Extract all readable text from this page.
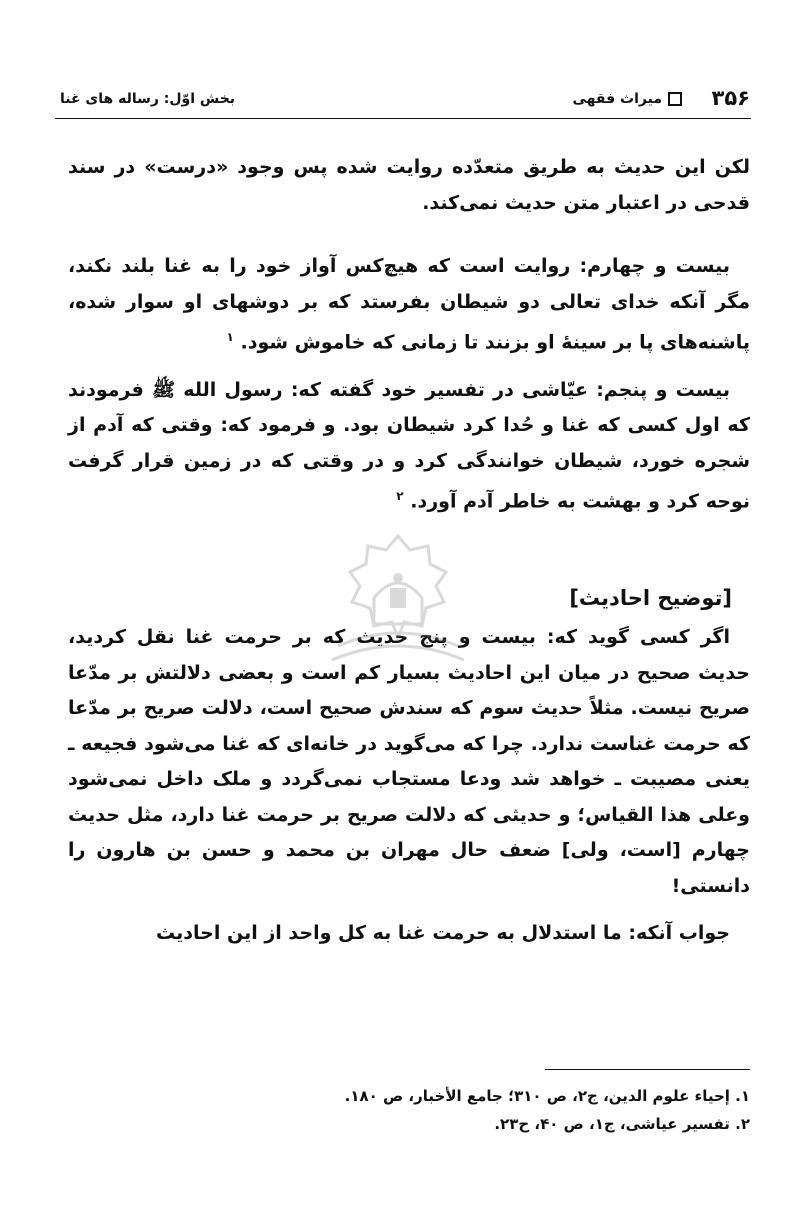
۳۵۶
میراث فقهی
بخش اوّل: رساله های غنا

لکن این حدیث به طریق متعدّده روایت شده پس وجود «درست» در سند قدحی در اعتبار متن حدیث نمی‌کند.

بیست و چهارم: روایت است که هیچ‌کس آواز خود را به غنا بلند نکند، مگر آنکه خدای تعالی دو شیطان بفرستد که بر دوشهای او سوار شده، پاشنه‌های پا بر سینهٔ او بزنند تا زمانی که خاموش شود. $^۱$

بیست و پنجم: عیّاشی در تفسیر خود گفته که: رسول الله ﷺ فرمودند که اول کسی که غنا و حُدا کرد شیطان بود. و فرمود که: وقتی که آدم از شجره خورد، شیطان خوانندگی کرد و در وقتی که در زمین قرار گرفت نوحه کرد و بهشت به خاطر آدم آورد. $^۲$

[توضیح احادیث]

اگر کسی گوید که: بیست و پنج حدیث که بر حرمت غنا نقل کردید، حدیث صحیح در میان این احادیث بسیار کم است و بعضی دلالتش بر مدّعا صریح نیست. مثلاً حدیث سوم که سندش صحیح است، دلالت صریح بر مدّعا که حرمت غناست ندارد. چرا که می‌گوید در خانه‌ای که غنا می‌شود فجیعه ـ یعنی مصیبت ـ خواهد شد ودعا مستجاب نمی‌گردد و ملک داخل نمی‌شود وعلی هذا القیاس؛ و حدیثی که دلالت صریح بر حرمت غنا دارد، مثل حدیث چهارم [است، ولی] ضعف حال مهران بن محمد و حسن بن هارون را دانستی!

جواب آنکه: ما استدلال به حرمت غنا به کل واحد از این احادیث

۱. إحیاء علوم الدین، ج۲، ص ۳۱۰؛ جامع الأخبار، ص ۱۸۰.
۲. تفسیر عیاشی، ج۱، ص ۴۰، ح۲۳.
